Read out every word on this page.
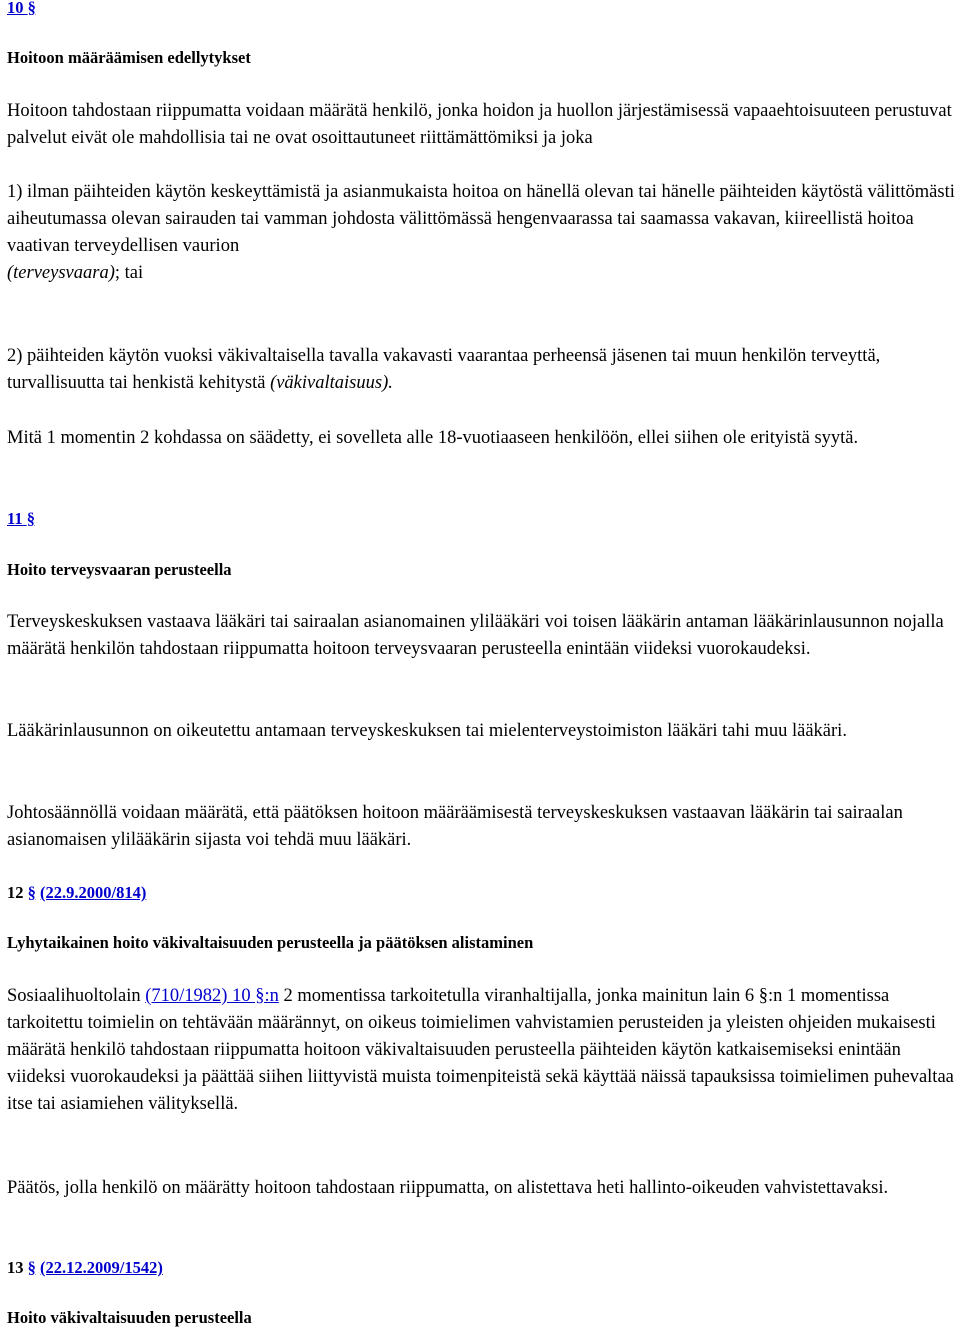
10 §
Hoitoon määräämisen edellytykset

Hoitoon tahdostaan riippumatta voidaan määrätä henkilö, jonka hoidon ja huollon järjestämisessä vapaaehtoisuuteen perustuvat palvelut eivät ole mahdollisia tai ne ovat osoittautuneet riittämättömiksi ja joka

1) ilman päihteiden käytön keskeyttämistä ja asianmukaista hoitoa on hänellä olevan tai hänelle päihteiden käytöstä välittömästi aiheutumassa olevan sairauden tai vamman johdosta välittömässä hengenvaarassa tai saamassa vakavan, kiireellistä hoitoa vaativan terveydellisen vaurion
(terveysvaara); tai

2) päihteiden käytön vuoksi väkivaltaisella tavalla vakavasti vaarantaa perheensä jäsenen tai muun henkilön terveyttä, turvallisuutta tai henkistä kehitystä (väkivaltaisuus).

Mitä 1 momentin 2 kohdassa on säädetty, ei sovelleta alle 18-vuotiaaseen henkilöön, ellei siihen ole erityistä syytä.

11 §
Hoito terveysvaaran perusteella

Terveyskeskuksen vastaava lääkäri tai sairaalan asianomainen ylilääkäri voi toisen lääkärin antaman lääkärinlausunnon nojalla määrätä henkilön tahdostaan riippumatta hoitoon terveysvaaran perusteella enintään viideksi vuorokaudeksi.

Lääkärinlausunnon on oikeutettu antamaan terveyskeskuksen tai mielenterveystoimiston lääkäri tahi muu lääkäri.

Johtosäännöllä voidaan määrätä, että päätöksen hoitoon määräämisestä terveyskeskuksen vastaavan lääkärin tai sairaalan asianomaisen ylilääkärin sijasta voi tehdä muu lääkäri.

12 § (22.9.2000/814)
Lyhytaikainen hoito väkivaltaisuuden perusteella ja päätöksen alistaminen

Sosiaalihuoltolain (710/1982) 10 §:n 2 momentissa tarkoitetulla viranhaltijalla, jonka mainitun lain 6 §:n 1 momentissa tarkoitettu toimielin on tehtävään määrännyt, on oikeus toimielimen vahvistamien perusteiden ja yleisten ohjeiden mukaisesti määrätä henkilö tahdostaan riippumatta hoitoon väkivaltaisuuden perusteella päihteiden käytön katkaisemiseksi enintään viideksi vuorokaudeksi ja päättää siihen liittyvistä muista toimenpiteistä sekä käyttää näissä tapauksissa toimielimen puhevaltaa itse tai asiamiehen välityksellä.

Päätös, jolla henkilö on määrätty hoitoon tahdostaan riippumatta, on alistettava heti hallinto-oikeuden vahvistettavaksi.

13 § (22.12.2009/1542)
Hoito väkivaltaisuuden perusteella
